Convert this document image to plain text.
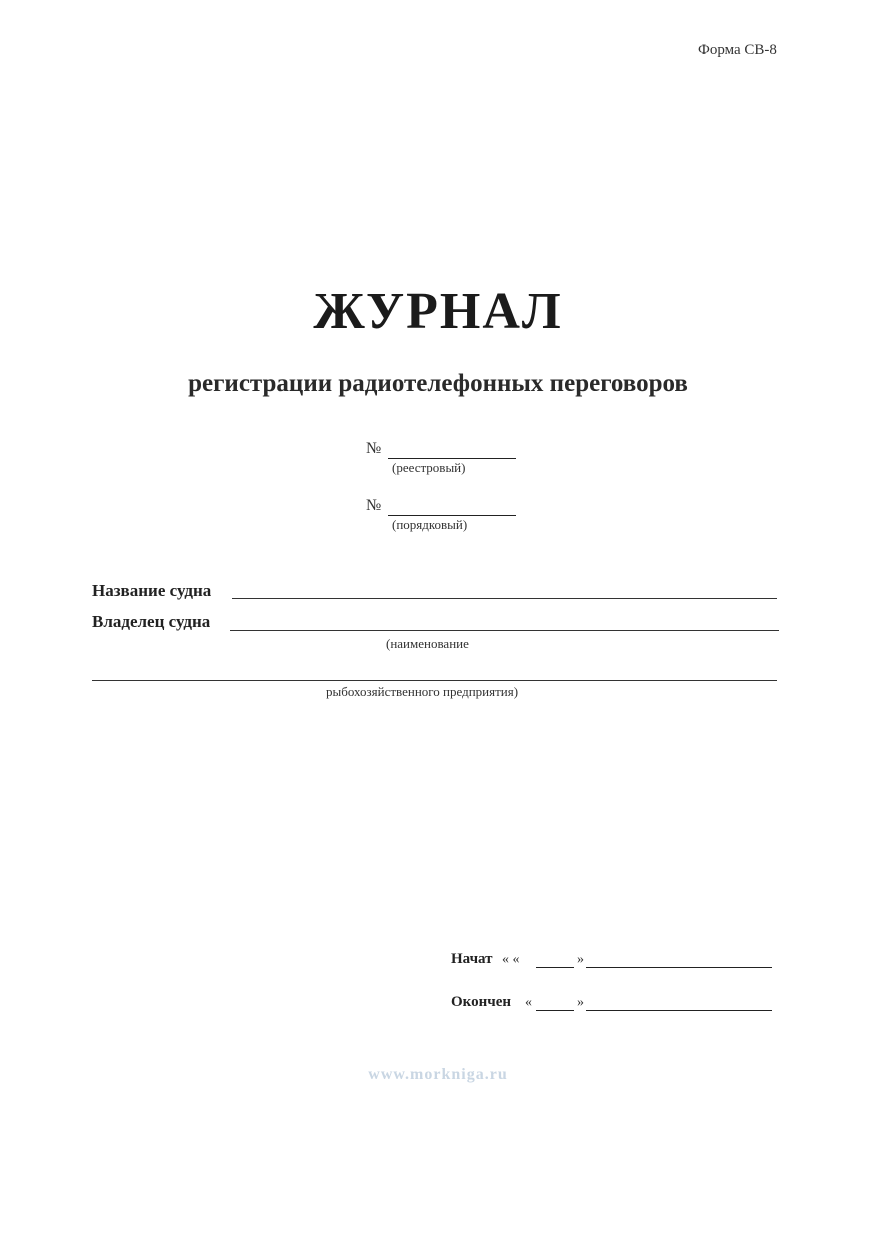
Форма СВ-8
ЖУРНАЛ
регистрации радиотелефонных переговоров
№
(реестровый)
№
(порядковый)
Название судна
Владелец судна
(наименование
рыбохозяйственного предприятия)
Начат « «	»
Окончен «	»
www.morkniga.ru
